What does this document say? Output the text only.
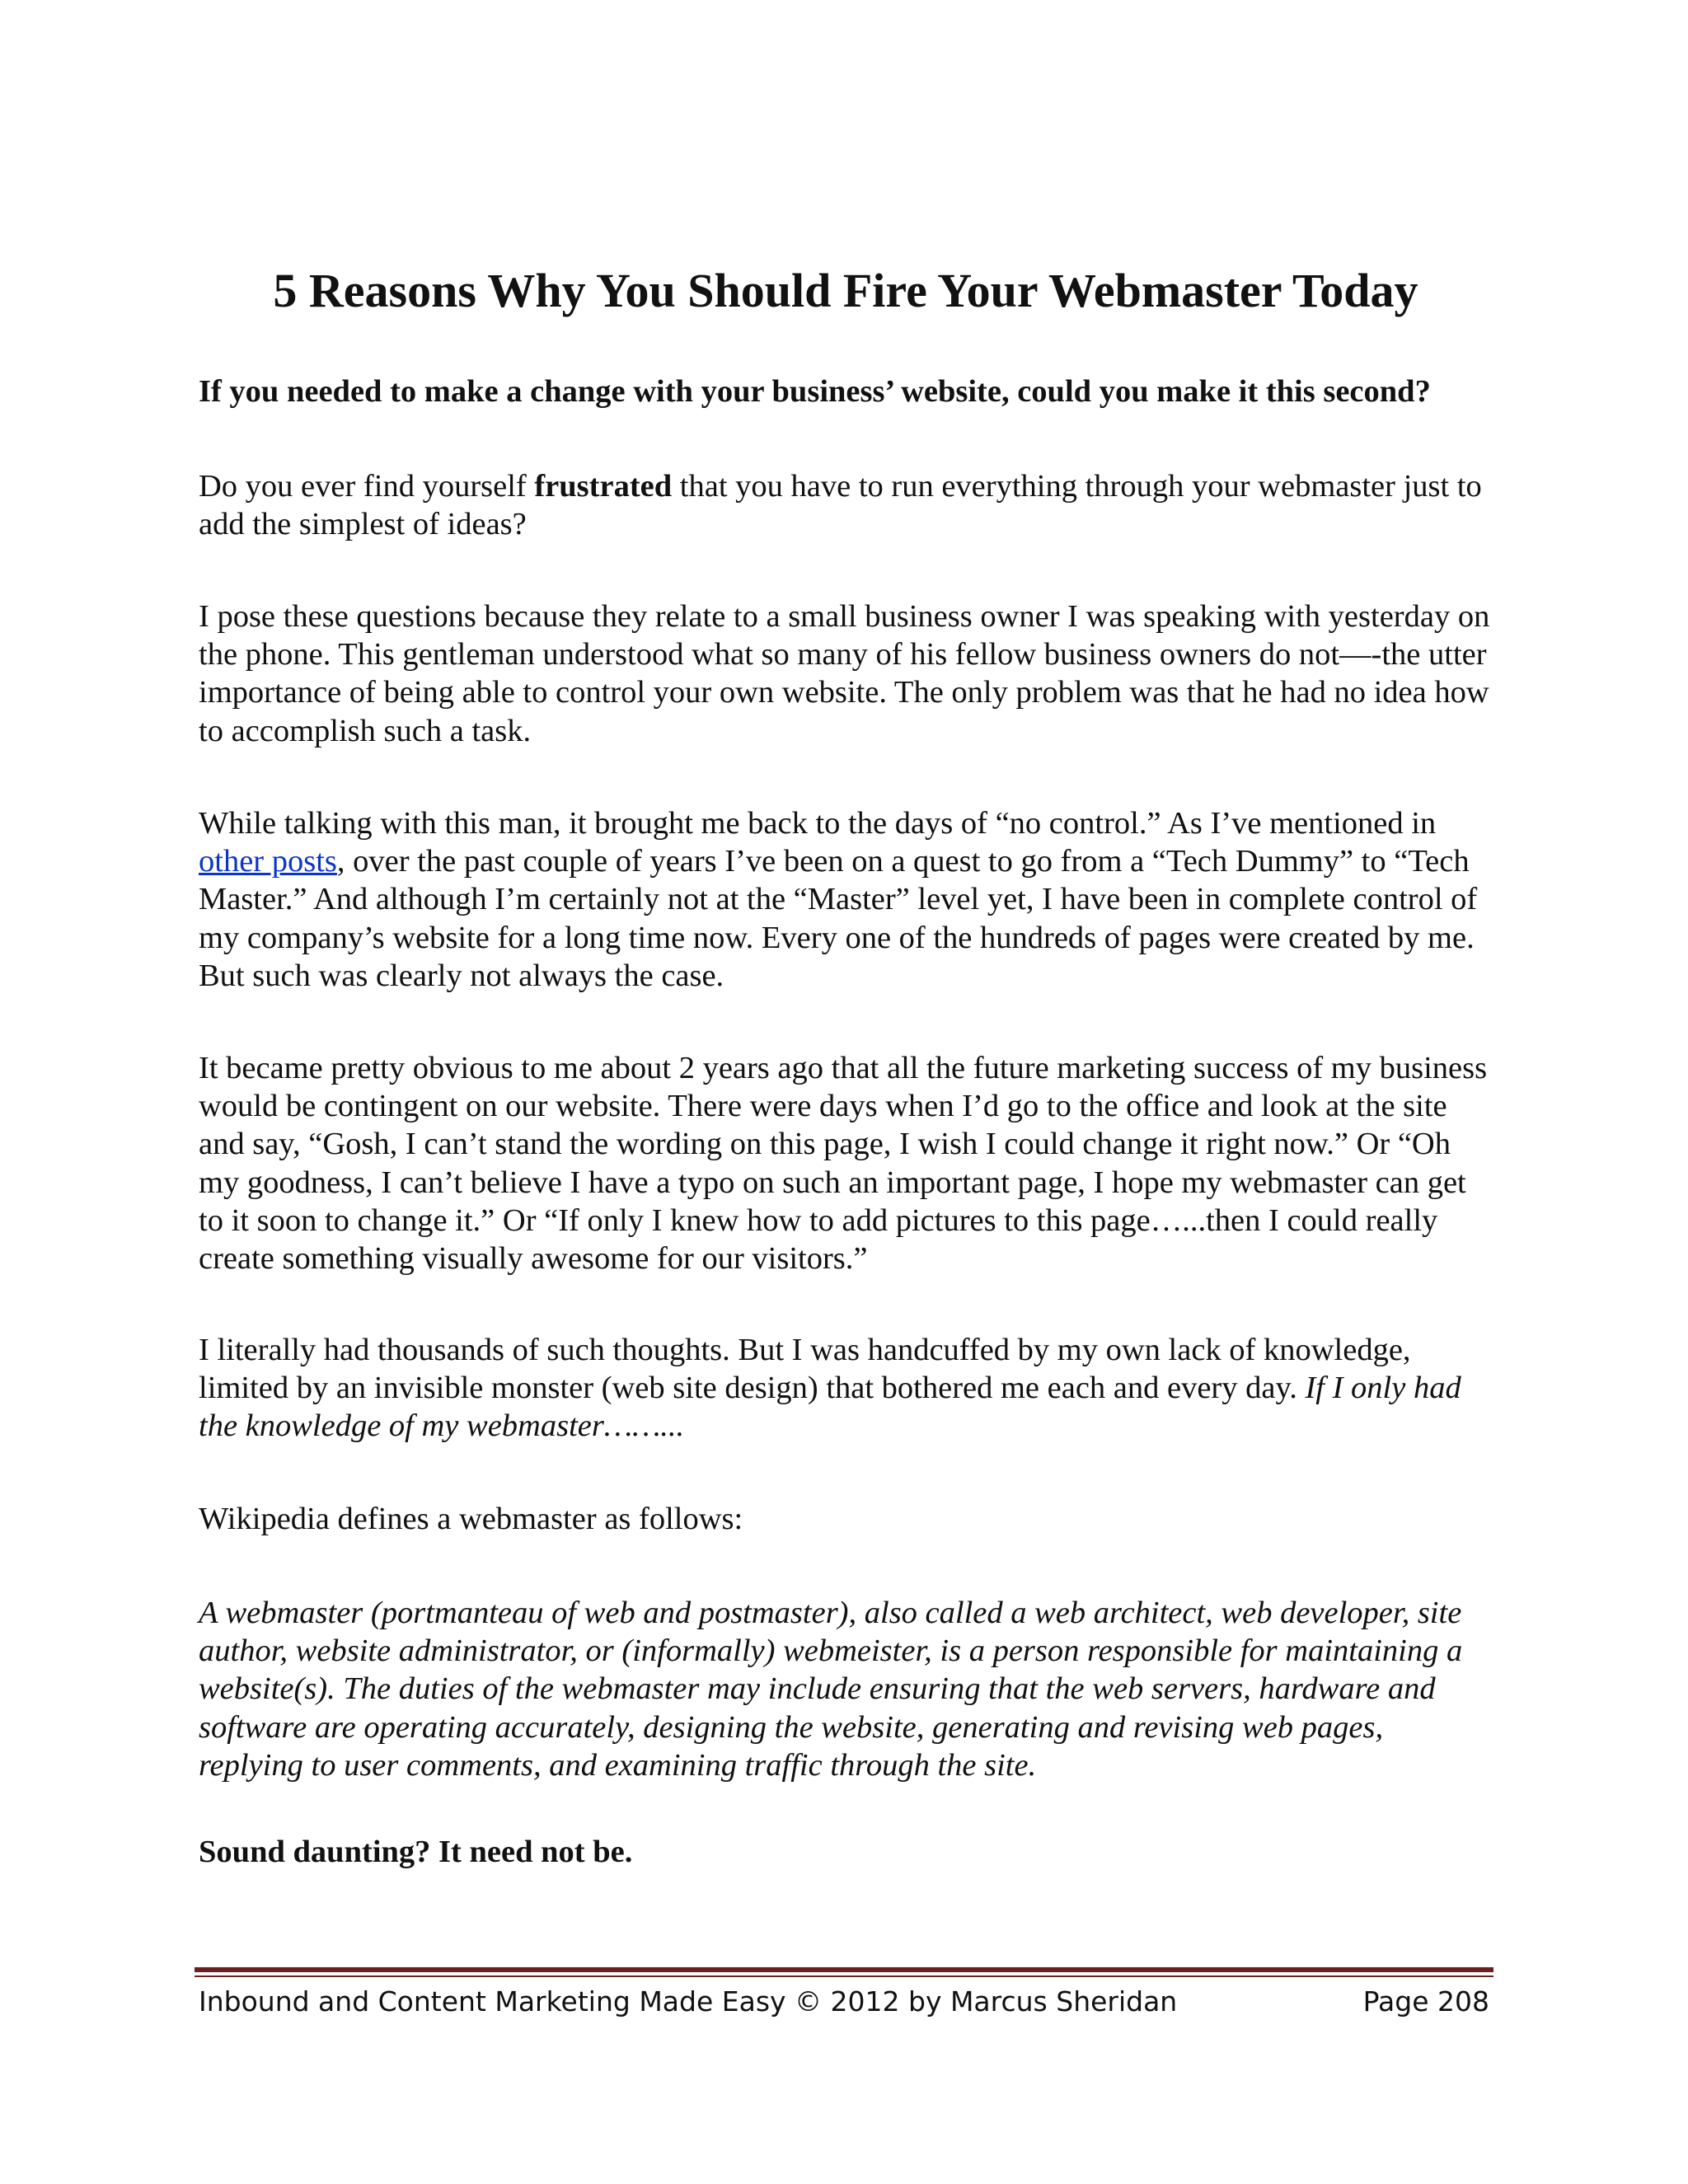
5 Reasons Why You Should Fire Your Webmaster Today

If you needed to make a change with your business’ website, could you make it this second?

Do you ever find yourself frustrated that you have to run everything through your webmaster just to add the simplest of ideas?

I pose these questions because they relate to a small business owner I was speaking with yesterday on the phone. This gentleman understood what so many of his fellow business owners do not—-the utter importance of being able to control your own website. The only problem was that he had no idea how to accomplish such a task.

While talking with this man, it brought me back to the days of “no control.” As I’ve mentioned in other posts, over the past couple of years I’ve been on a quest to go from a “Tech Dummy” to “Tech Master.” And although I’m certainly not at the “Master” level yet, I have been in complete control of my company’s website for a long time now. Every one of the hundreds of pages were created by me. But such was clearly not always the case.

It became pretty obvious to me about 2 years ago that all the future marketing success of my business would be contingent on our website. There were days when I’d go to the office and look at the site and say, “Gosh, I can’t stand the wording on this page, I wish I could change it right now.” Or “Oh my goodness, I can’t believe I have a typo on such an important page, I hope my webmaster can get to it soon to change it.” Or “If only I knew how to add pictures to this page…...then I could really create something visually awesome for our visitors.”

I literally had thousands of such thoughts. But I was handcuffed by my own lack of knowledge, limited by an invisible monster (web site design) that bothered me each and every day. If I only had the knowledge of my webmaster……...

Wikipedia defines a webmaster as follows:

A webmaster (portmanteau of web and postmaster), also called a web architect, web developer, site author, website administrator, or (informally) webmeister, is a person responsible for maintaining a website(s). The duties of the webmaster may include ensuring that the web servers, hardware and software are operating accurately, designing the website, generating and revising web pages, replying to user comments, and examining traffic through the site.

Sound daunting? It need not be.

Inbound and Content Marketing Made Easy © 2012 by Marcus Sheridan	Page 208
